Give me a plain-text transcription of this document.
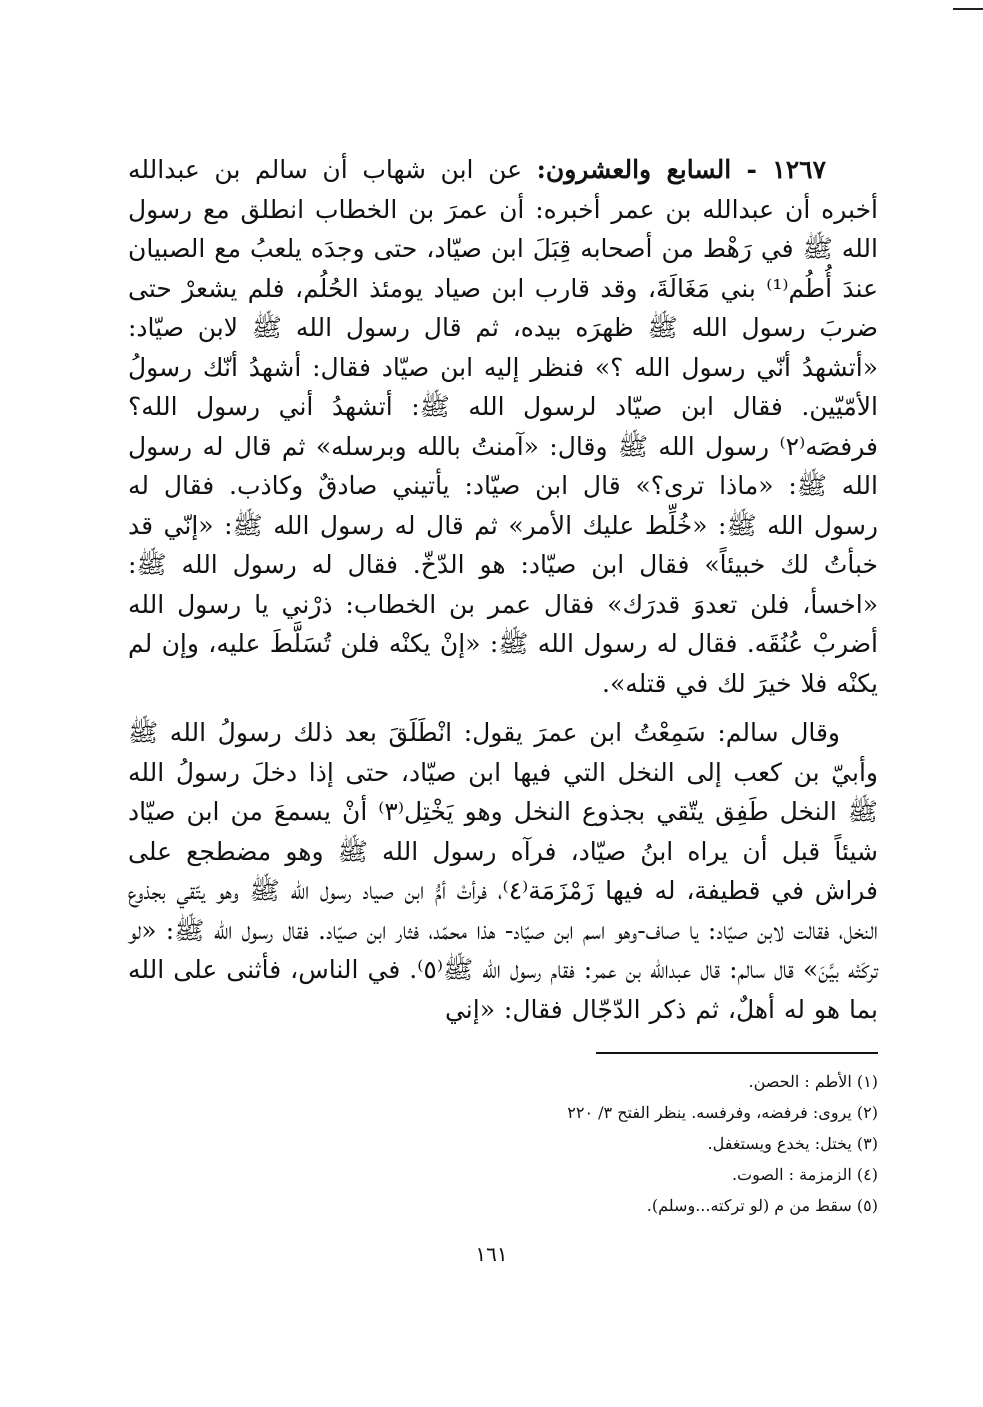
١٢٦٧ - السابع والعشرون: عن ابن شهاب أن سالم بن عبدالله أخبره أن عبدالله بن عمر أخبره: أن عمرَ بن الخطاب انطلق مع رسول الله ﷺ في رَهْط من أصحابه قِبَلَ ابن صيّاد، حتى وجدَه يلعبُ مع الصبيان عندَ أُطُم⁽¹⁾ بني مَغَالَةَ، وقد قارب ابن صياد يومئذ الحُلُم، فلم يشعرْ حتى ضربَ رسول الله ﷺ ظهرَه بيده، ثم قال رسول الله ﷺ لابن صيّاد: «أتشهدُ أنّي رسول الله ؟» فنظر إليه ابن صيّاد فقال: أشهدُ أنّك رسولُ الأمّيّين. فقال ابن صيّاد لرسول الله ﷺ: أتشهدُ أني رسول الله؟فرفصَه⁽٢⁾ رسول الله ﷺ وقال: «آمنتُ بالله وبرسله» ثم قال له رسول الله ﷺ: «ماذا ترى؟» قال ابن صيّاد: يأتيني صادقٌ وكاذب. فقال له رسول الله ﷺ: «خُلِّط عليك الأمر» ثم قال له رسول الله ﷺ: «إنّي قد خبأتُ لك خبيئاً» فقال ابن صيّاد: هو الدّخّ. فقال له رسول الله ﷺ: «اخسأ، فلن تعدوَ قدرَك» فقال عمر بن الخطاب: ذرْني يا رسول الله أضربْ عُنُقَه. فقال له رسول الله ﷺ: «إنْ يكنْه فلن تُسَلَّطَ عليه، وإن لم يكنْه فلا خيرَ لك في قتله».

وقال سالم: سَمِعْتُ ابن عمرَ يقول: انْطَلَقَ بعد ذلك رسولُ الله ﷺ وأبيّ بن كعب إلى النخل التي فيها ابن صيّاد، حتى إذا دخلَ رسولُ الله ﷺ النخل طَفِق يتّقي بجذوع النخل وهو يَخْتِل⁽٣⁾ أنْ يسمعَ من ابن صيّاد شيئاً قبل أن يراه ابنُ صيّاد، فرآه رسول الله ﷺ وهو مضطجع على فراش في قطيفة، له فيها زَمْزَمَة⁽٤⁾، فرأتْ أمُّ ابن صياد رسول الله ﷺ وهو يتّقي بجذوع النخل، فقالت لابن صيّاد: يا صاف-وهو اسم ابن صيّاد- هذا محمّد، فثار ابن صيّاد. فقال رسول الله ﷺ: «لو تركَتْه بيَّنَ» قال سالم: قال عبدالله بن عمر: فقام رسول الله ﷺ⁽٥⁾. في الناس، فأثنى على الله بما هو له أهلٌ، ثم ذكر الدّجّال فقال: «إني

(١) الأطم : الحصن.
(٢) يروى: فرفضه، وفرفسه. ينظر الفتح ٣/ ٢٢٠
(٣) يختل: يخدع ويستغفل.
(٤) الزمزمة : الصوت.
(٥) سقط من م (لو تركته...وسلم).
١٦١
